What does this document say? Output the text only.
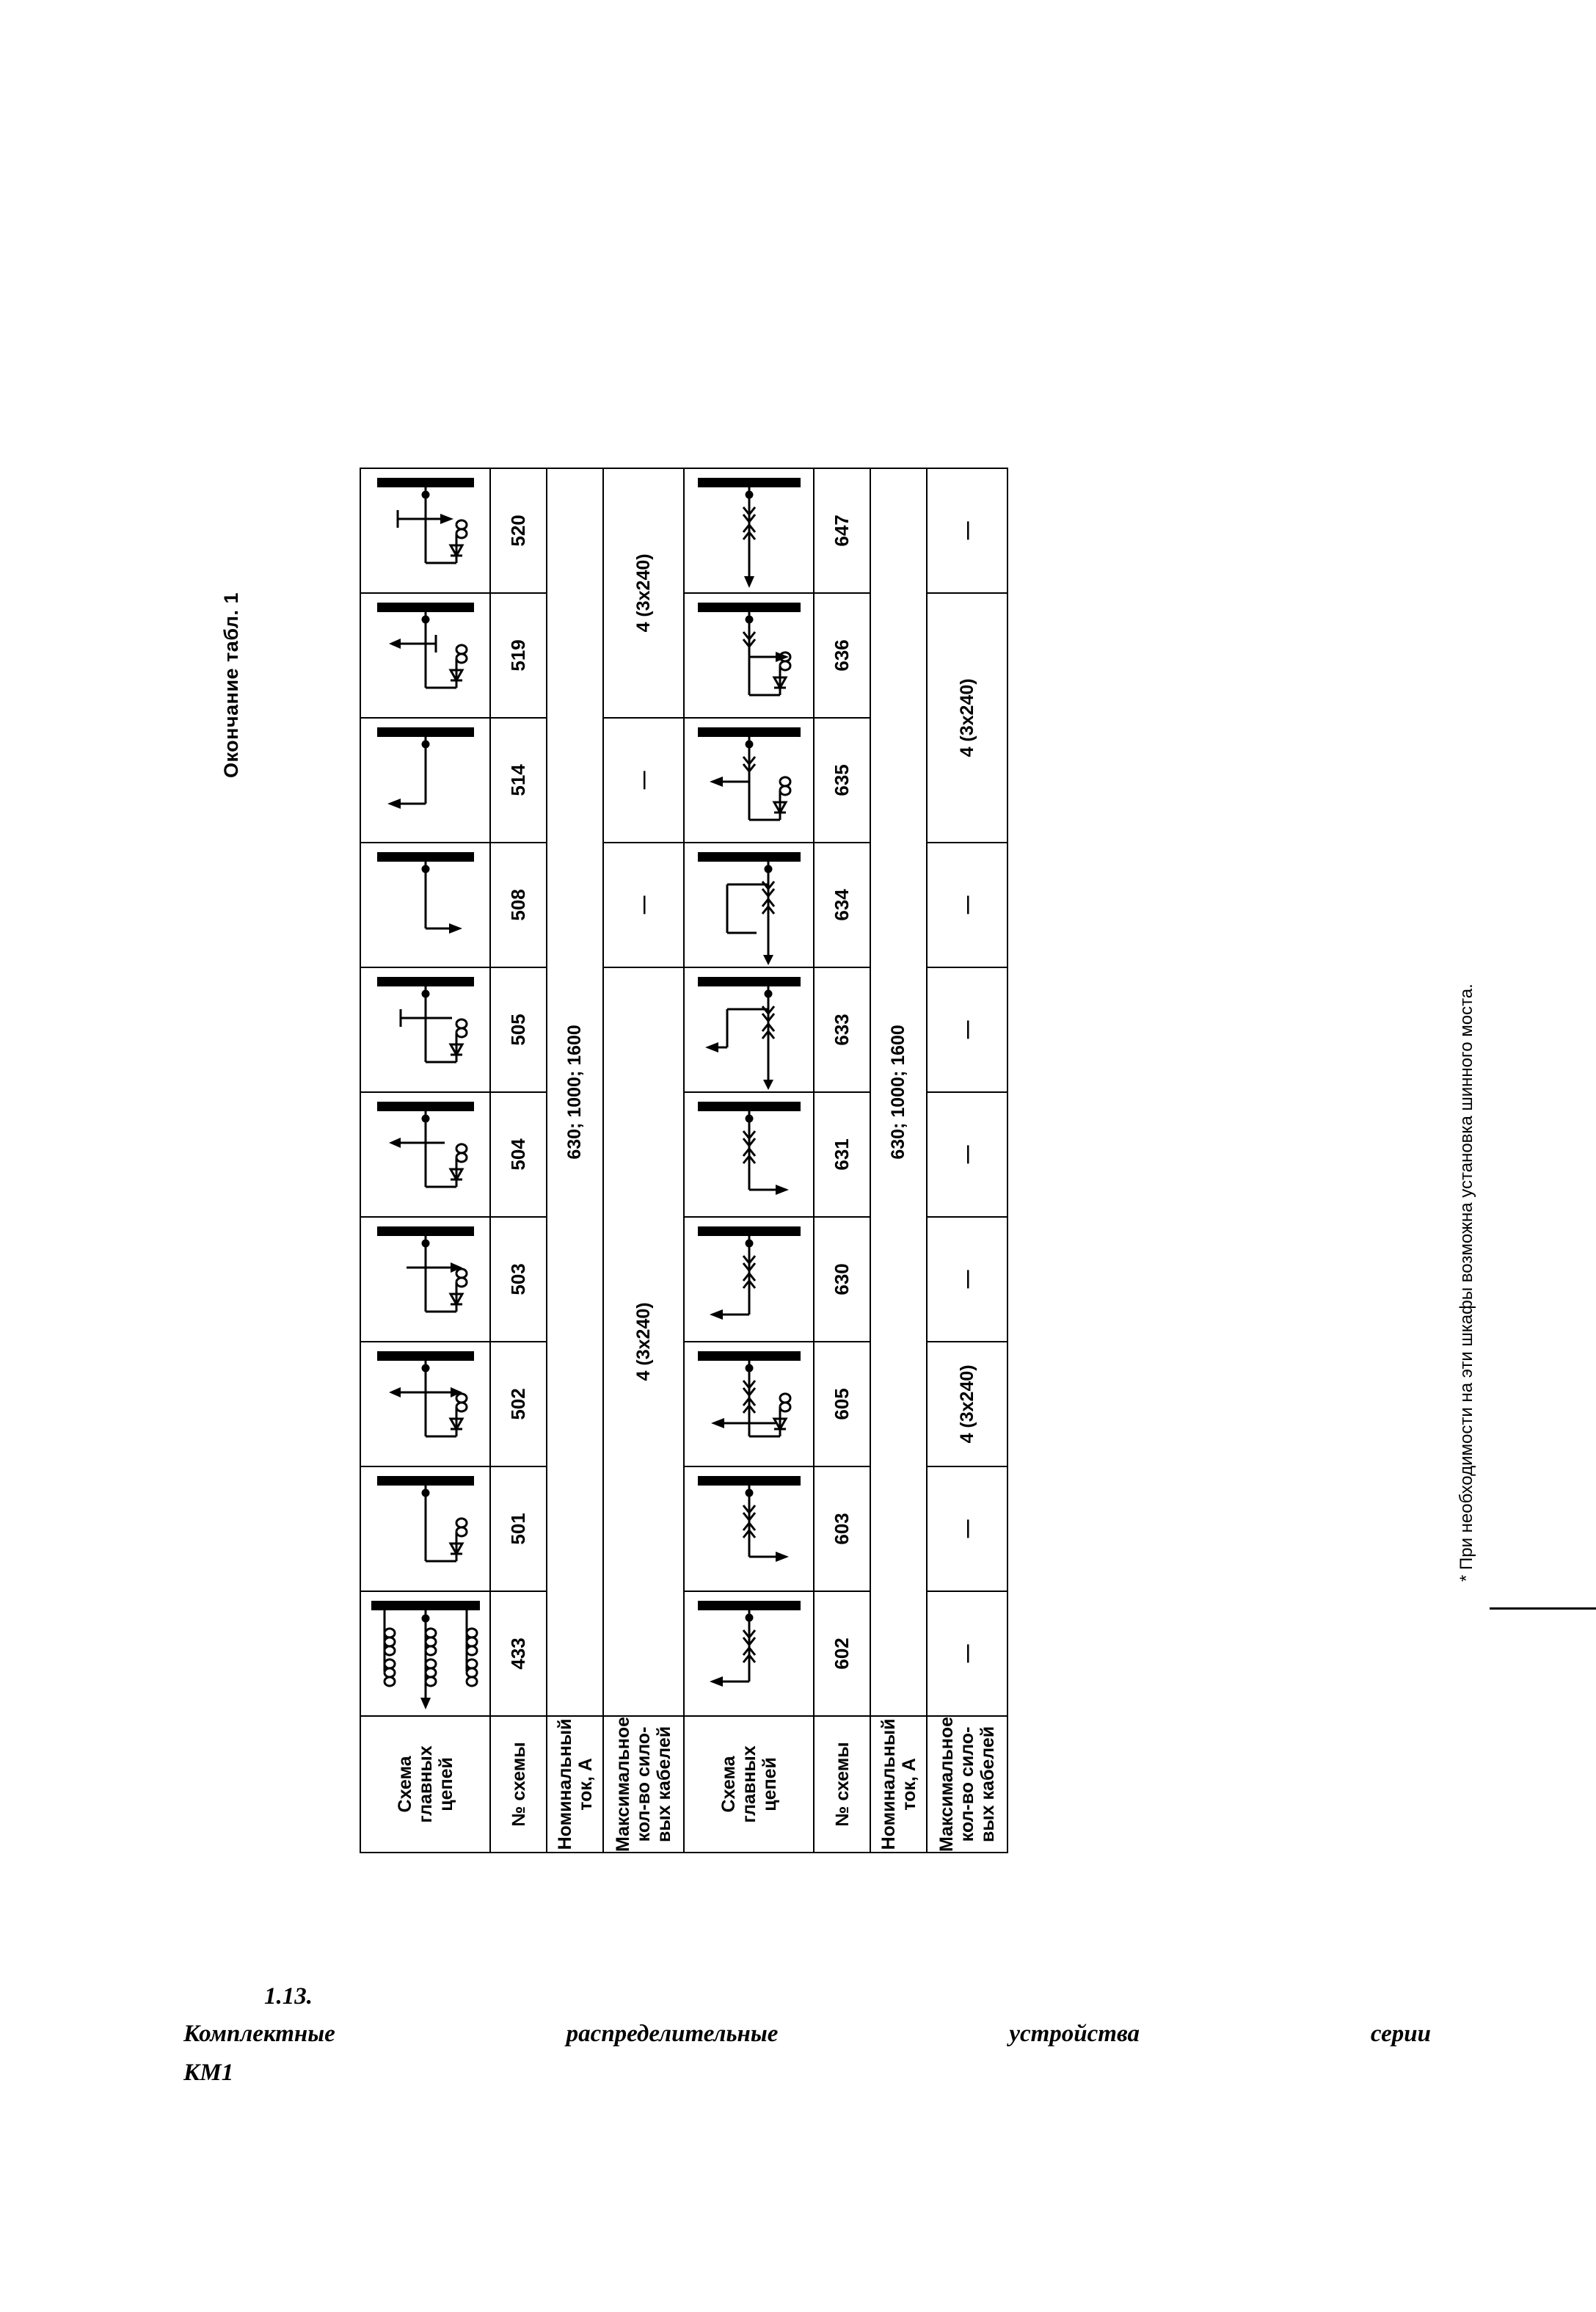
Окончание табл. 1
* При необходимости на эти шкафы возможна установка шинного моста.
Схема главных цепей

№ схемы	433	501	502	503	504	505	508	514	519	520

Номинальный ток, А	630; 1000; 1600									

Максимальное кол-во сило- вых кабелей	4 (3х240)						—	—	4 (3х240)	

Схема главных цепей

№ схемы	602	603	605	630	631	633	634	635	636	647

Номинальный ток, А	630; 1000; 1600									

Максимальное кол-во сило- вых кабелей	—	—	4 (3х240)	—	—	—	—	4 (3х240)		—
1.13.
Комплектные распределительные устройства серии
КМ1
